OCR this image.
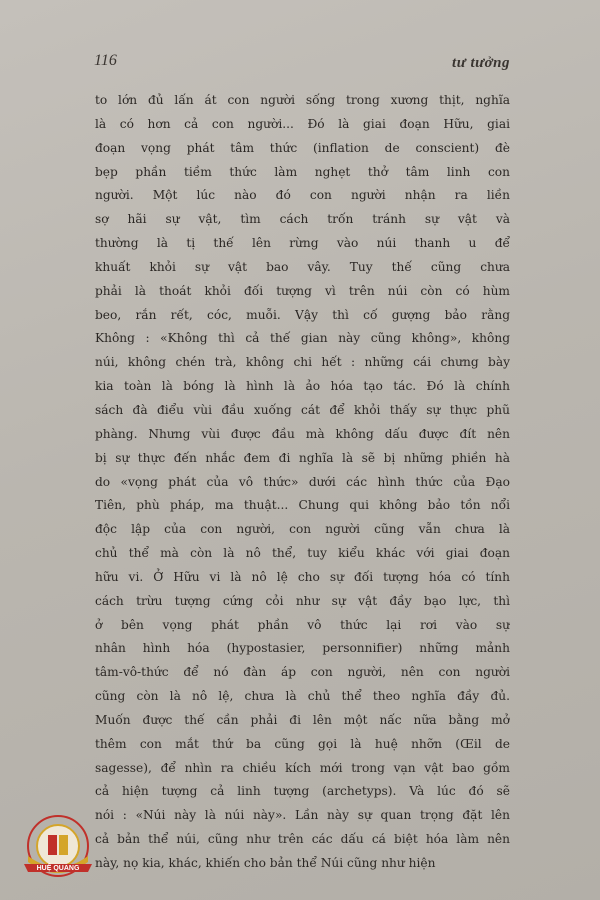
116	tư tưởng
to lớn đủ lấn át con người sống trong xương thịt, nghĩa
là có hơn cả con người... Đó là giai đoạn Hữu, giai
đoạn vọng phát tâm thức (inflation de conscient) đè
bẹp phần tiềm thức làm nghẹt thở tâm linh con
người. Một lúc nào đó con người nhận ra liền
sợ hãi sự vật, tìm cách trốn tránh sự vật và
thường là tị thế lên rừng vào núi thanh u để
khuất khỏi sự vật bao vây. Tuy thế cũng chưa
phải là thoát khỏi đối tượng vì trên núi còn có hùm
beo, rắn rết, cóc, muỗi. Vậy thì cố gượng bảo rằng
Không : «Không thì cả thế gian này cũng không», không
núi, không chén trà, không chi hết : những cái chưng bày
kia toàn là bóng là hình là ảo hóa tạo tác. Đó là chính
sách đà điểu vùi đầu xuống cát để khỏi thấy sự thực phũ
phàng. Nhưng vùi được đầu mà không dấu được đít nên
bị sự thực đến nhắc đem đi nghĩa là sẽ bị những phiền hà
do «vọng phát của vô thức» dưới các hình thức của Đạo
Tiên, phù pháp, ma thuật... Chung qui không bảo tồn nổi
độc lập của con người, con người cũng vẫn chưa là
chủ thể mà còn là nô thể, tuy kiểu khác với giai đoạn
hữu vi. Ở Hữu vi là nô lệ cho sự đối tượng hóa có tính
cách trừu tượng cứng cỏi như sự vật đầy bạo lực, thì
ở bên vọng phát phần vô thức lại rơi vào sự
nhân hình hóa (hypostasier, personnifier) những mảnh
tâm-vô-thức để nó đàn áp con người, nên con người
cũng còn là nô lệ, chưa là chủ thể theo nghĩa đầy đủ.
Muốn được thế cần phải đi lên một nấc nữa bằng mở
thêm con mắt thứ ba cũng gọi là huệ nhỡn (Œil de
sagesse), để nhìn ra chiều kích mới trong vạn vật bao gồm
cả hiện tượng cả linh tượng (archetyps). Và lúc đó sẽ
nói : «Núi này là núi này». Lần này sự quan trọng đặt lên
cả bản thể núi, cũng như trên các dấu cá biệt hóa làm nên
này, nọ kia, khác, khiến cho bản thể Núi cũng như hiện
HUỆ QUANG
